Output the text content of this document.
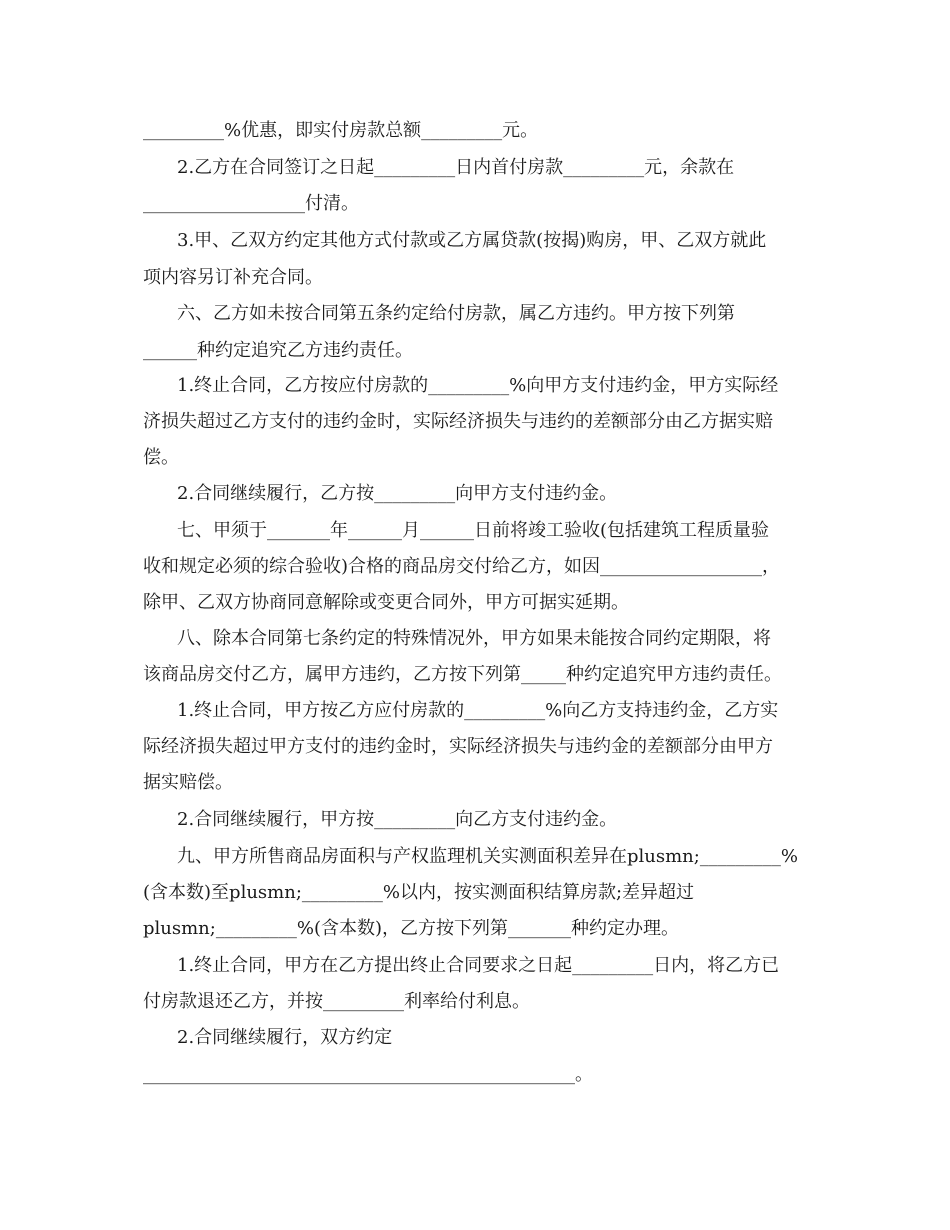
_________%优惠，即实付房款总额_________元。

2.乙方在合同签订之日起_________日内首付房款_________元，余款在

__________________付清。

3.甲、乙双方约定其他方式付款或乙方属贷款(按揭)购房，甲、乙双方就此

项内容另订补充合同。

六、乙方如未按合同第五条约定给付房款，属乙方违约。甲方按下列第

______种约定追究乙方违约责任。

1.终止合同，乙方按应付房款的_________%向甲方支付违约金，甲方实际经

济损失超过乙方支付的违约金时，实际经济损失与违约的差额部分由乙方据实赔

偿。

2.合同继续履行，乙方按_________向甲方支付违约金。

七、甲须于_______年______月______日前将竣工验收(包括建筑工程质量验

收和规定必须的综合验收)合格的商品房交付给乙方，如因__________________，

除甲、乙双方协商同意解除或变更合同外，甲方可据实延期。

八、除本合同第七条约定的特殊情况外，甲方如果未能按合同约定期限，将

该商品房交付乙方，属甲方违约，乙方按下列第_____种约定追究甲方违约责任。

1.终止合同，甲方按乙方应付房款的_________%向乙方支持违约金，乙方实

际经济损失超过甲方支付的违约金时，实际经济损失与违约金的差额部分由甲方

据实赔偿。

2.合同继续履行，甲方按_________向乙方支付违约金。

九、甲方所售商品房面积与产权监理机关实测面积差异在plusmn;_________%

(含本数)至plusmn;_________%以内，按实测面积结算房款;差异超过

plusmn;_________%(含本数)，乙方按下列第_______种约定办理。

1.终止合同，甲方在乙方提出终止合同要求之日起_________日内，将乙方已

付房款退还乙方，并按_________利率给付利息。

2.合同继续履行，双方约定

________________________________________________。
